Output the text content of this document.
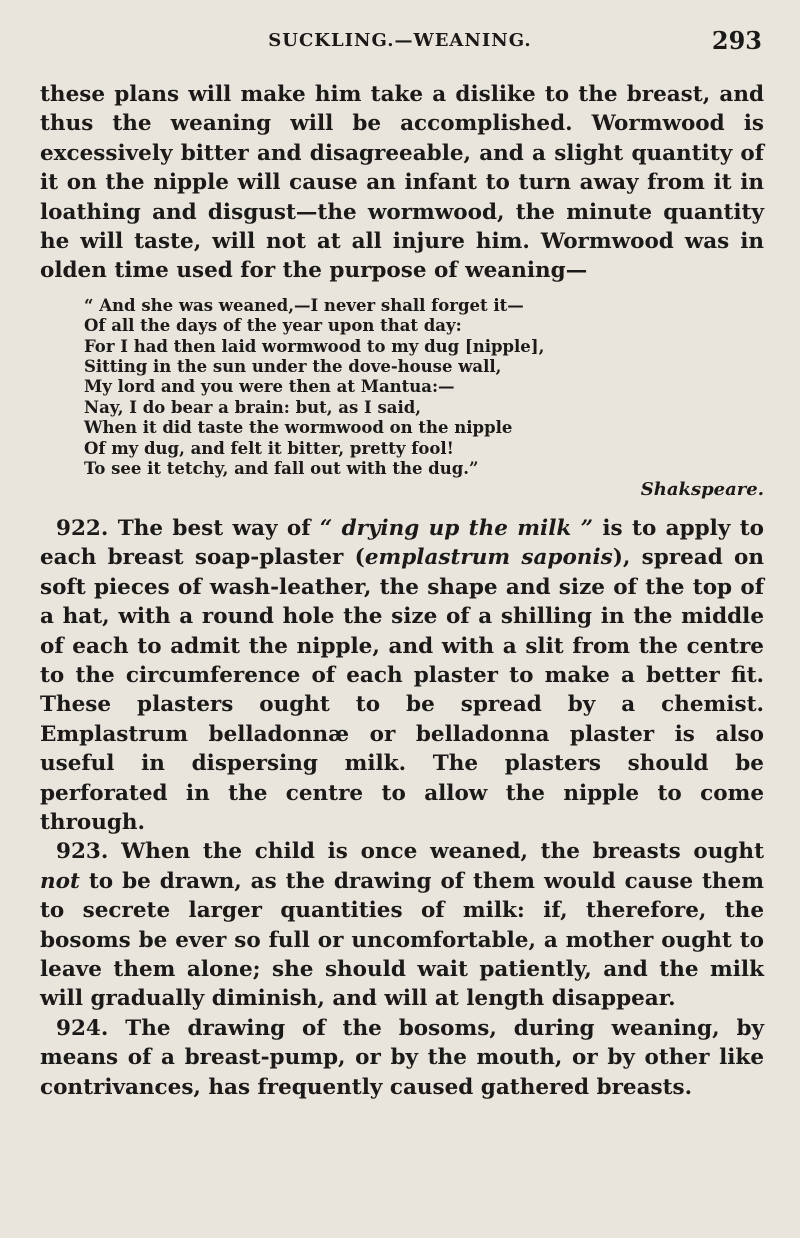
SUCKLING.—WEANING.	293

these plans will make him take a dislike to the breast, and thus the weaning will be accomplished. Wormwood is excessively bitter and disagreeable, and a slight quantity of it on the nipple will cause an infant to turn away from it in loathing and disgust—the wormwood, the minute quantity he will taste, will not at all injure him. Wormwood was in olden time used for the purpose of weaning—

“ And she was weaned,—I never shall forget it—
Of all the days of the year upon that day:
For I had then laid wormwood to my dug [nipple],
Sitting in the sun under the dove-house wall,
My lord and you were then at Mantua:—
Nay, I do bear a brain: but, as I said,
When it did taste the wormwood on the nipple
Of my dug, and felt it bitter, pretty fool!
To see it tetchy, and fall out with the dug.”
Shakspeare.

922. The best way of “ drying up the milk ” is to apply to each breast soap-plaster (emplastrum saponis), spread on soft pieces of wash-leather, the shape and size of the top of a hat, with a round hole the size of a shilling in the middle of each to admit the nipple, and with a slit from the centre to the circumference of each plaster to make a better fit. These plasters ought to be spread by a chemist. Emplastrum belladonnæ or belladonna plaster is also useful in dispersing milk. The plasters should be perforated in the centre to allow the nipple to come through.

923. When the child is once weaned, the breasts ought not to be drawn, as the drawing of them would cause them to secrete larger quantities of milk: if, therefore, the bosoms be ever so full or uncomfortable, a mother ought to leave them alone; she should wait patiently, and the milk will gradually diminish, and will at length disappear.

924. The drawing of the bosoms, during weaning, by means of a breast-pump, or by the mouth, or by other like contrivances, has frequently caused gathered breasts.
